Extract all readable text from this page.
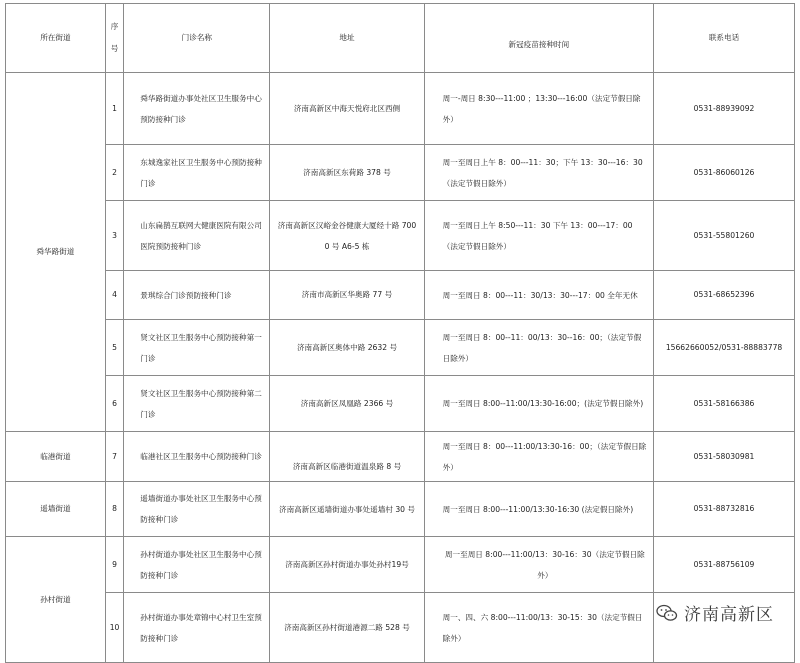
所在街道	序号	门诊名称	地址	新冠疫苗接种时间	联系电话
舜华路街道	1	舜华路街道办事处社区卫生服务中心预防接种门诊	济南高新区中海天悦府北区西侧	周一-周日 8:30---11:00 ；13:30---16:00（法定节假日除外）	0531-88939092
	2	东城逸家社区卫生服务中心预防接种门诊	济南高新区东荷路 378 号	周一至周日上午 8：00---11：30；下午 13：30---16：30（法定节假日除外）	0531-86060126
	3	山东扁鹊互联网大健康医院有限公司医院预防接种门诊	济南高新区汉峪金谷健康大厦经十路 7000 号 A6-5 栋	周一至周日上午 8:50---11：30 下午 13：00---17：00 （法定节假日除外）	0531-55801260
	4	景琪综合门诊预防接种门诊	济南市高新区华奥路 77 号	周一至周日 8：00---11：30/13：30---17：00 全年无休	0531-68652396
	5	贤文社区卫生服务中心预防接种第一门诊	济南高新区奥体中路 2632 号	周一至周日 8：00--11：00/13：30--16：00；（法定节假日除外）	15662660052/0531-88883778
	6	贤文社区卫生服务中心预防接种第二门诊	济南高新区凤凰路 2366 号	周一至周日 8:00--11:00/13:30-16:00；(法定节假日除外)	0531-58166386
临港街道	7	临港社区卫生服务中心预防接种门诊	济南高新区临港街道温泉路 8 号	周一至周日 8：00---11:00/13:30-16：00；（法定节假日除外）	0531-58030981
遥墙街道	8	遥墙街道办事处社区卫生服务中心预防接种门诊	济南高新区遥墙街道办事处遥墙村 30 号	周一至周日 8:00---11:00/13:30-16:30 (法定假日除外)	0531-88732816
孙村街道	9	孙村街道办事处社区卫生服务中心预防接种门诊	济南高新区孙村街道办事处孙村19号	周一至周日 8:00---11:00/13：30-16：30（法定节假日除外）	0531-88756109
	10	孙村街道办事处章锦中心村卫生室预防接种门诊	济南高新区孙村街道港源二路 528 号	周一、四、六 8:00---11:00/13：30-15：30（法定节假日除外）	

济南高新区
